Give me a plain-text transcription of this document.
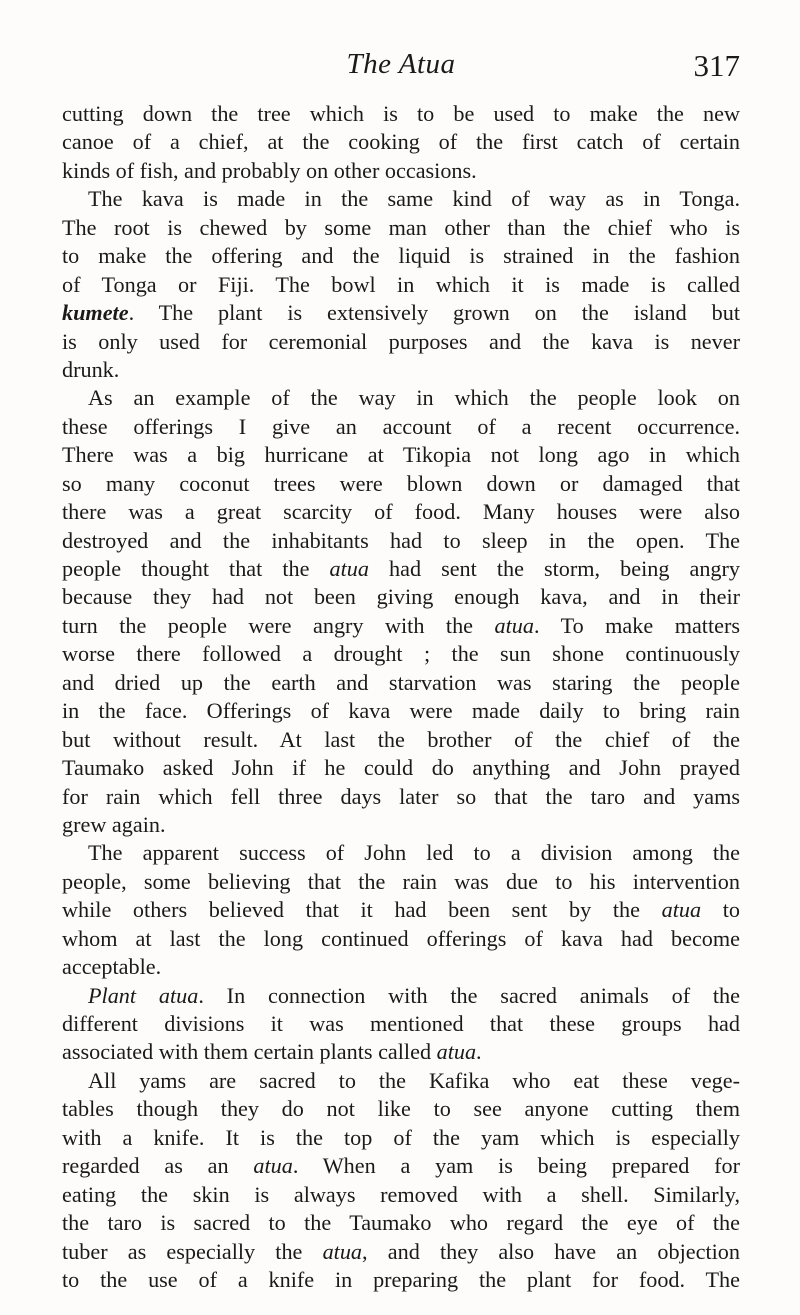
The Atua	317
cutting down the tree which is to be used to make the new
canoe of a chief, at the cooking of the first catch of certain
kinds of fish, and probably on other occasions.
The kava is made in the same kind of way as in Tonga.
The root is chewed by some man other than the chief who is
to make the offering and the liquid is strained in the fashion
of Tonga or Fiji. The bowl in which it is made is called
kumete. The plant is extensively grown on the island but
is only used for ceremonial purposes and the kava is never
drunk.
As an example of the way in which the people look on
these offerings I give an account of a recent occurrence.
There was a big hurricane at Tikopia not long ago in which
so many coconut trees were blown down or damaged that
there was a great scarcity of food. Many houses were also
destroyed and the inhabitants had to sleep in the open. The
people thought that the atua had sent the storm, being angry
because they had not been giving enough kava, and in their
turn the people were angry with the atua. To make matters
worse there followed a drought ; the sun shone continuously
and dried up the earth and starvation was staring the people
in the face. Offerings of kava were made daily to bring rain
but without result. At last the brother of the chief of the
Taumako asked John if he could do anything and John prayed
for rain which fell three days later so that the taro and yams
grew again.
The apparent success of John led to a division among the
people, some believing that the rain was due to his intervention
while others believed that it had been sent by the atua to
whom at last the long continued offerings of kava had become
acceptable.
Plant atua. In connection with the sacred animals of the
different divisions it was mentioned that these groups had
associated with them certain plants called atua.
All yams are sacred to the Kafika who eat these vege-
tables though they do not like to see anyone cutting them
with a knife. It is the top of the yam which is especially
regarded as an atua. When a yam is being prepared for
eating the skin is always removed with a shell. Similarly,
the taro is sacred to the Taumako who regard the eye of the
tuber as especially the atua, and they also have an objection
to the use of a knife in preparing the plant for food. The
